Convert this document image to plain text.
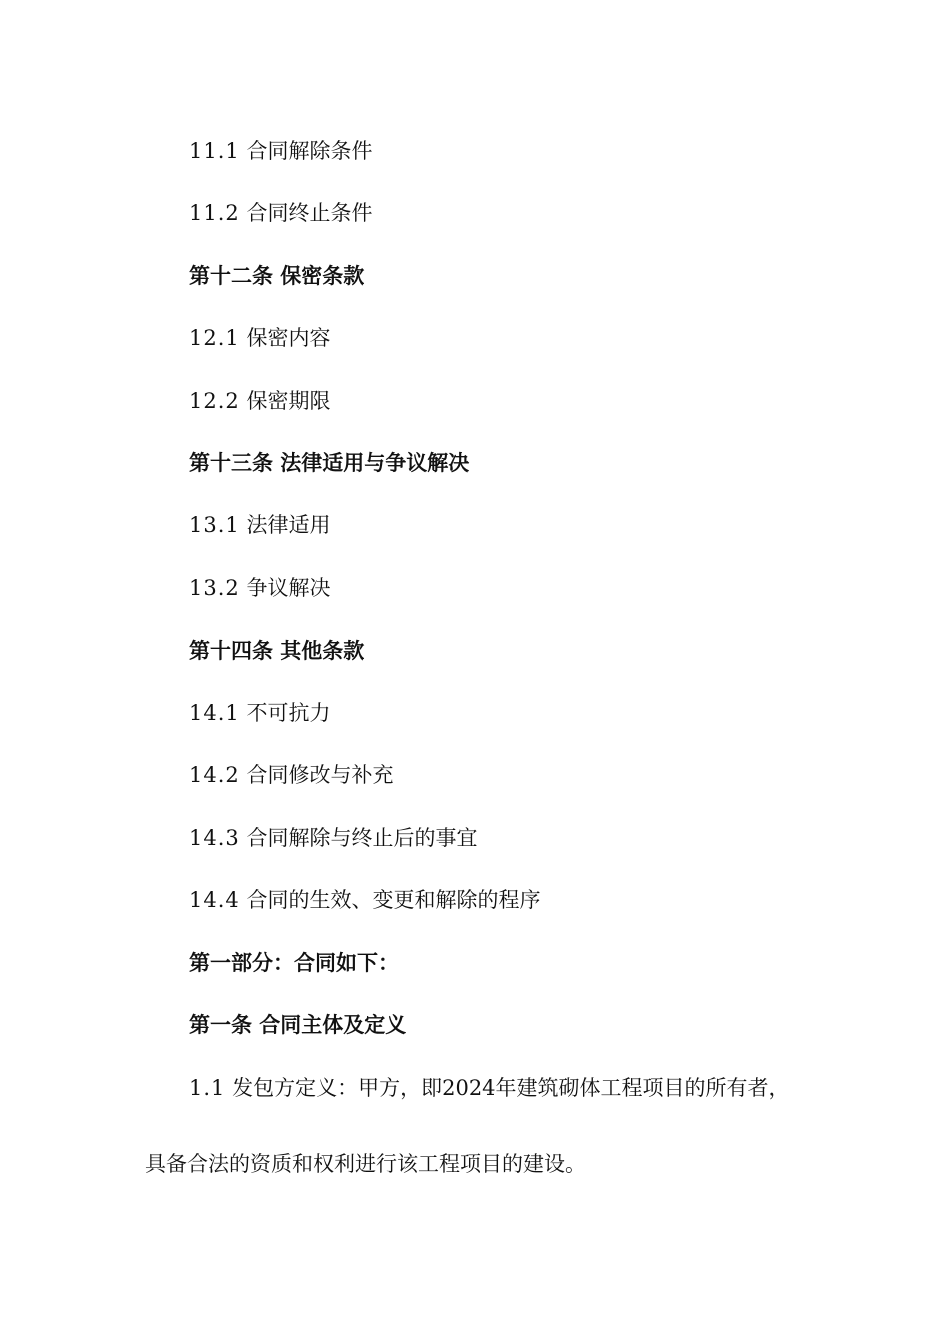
11.1 合同解除条件
11.2 合同终止条件
第十二条 保密条款
12.1 保密内容
12.2 保密期限
第十三条 法律适用与争议解决
13.1 法律适用
13.2 争议解决
第十四条 其他条款
14.1 不可抗力
14.2 合同修改与补充
14.3 合同解除与终止后的事宜
14.4 合同的生效、变更和解除的程序
第一部分：合同如下：
第一条 合同主体及定义
1.1 发包方定义：甲方，即2024年建筑砌体工程项目的所有者，
具备合法的资质和权利进行该工程项目的建设。
